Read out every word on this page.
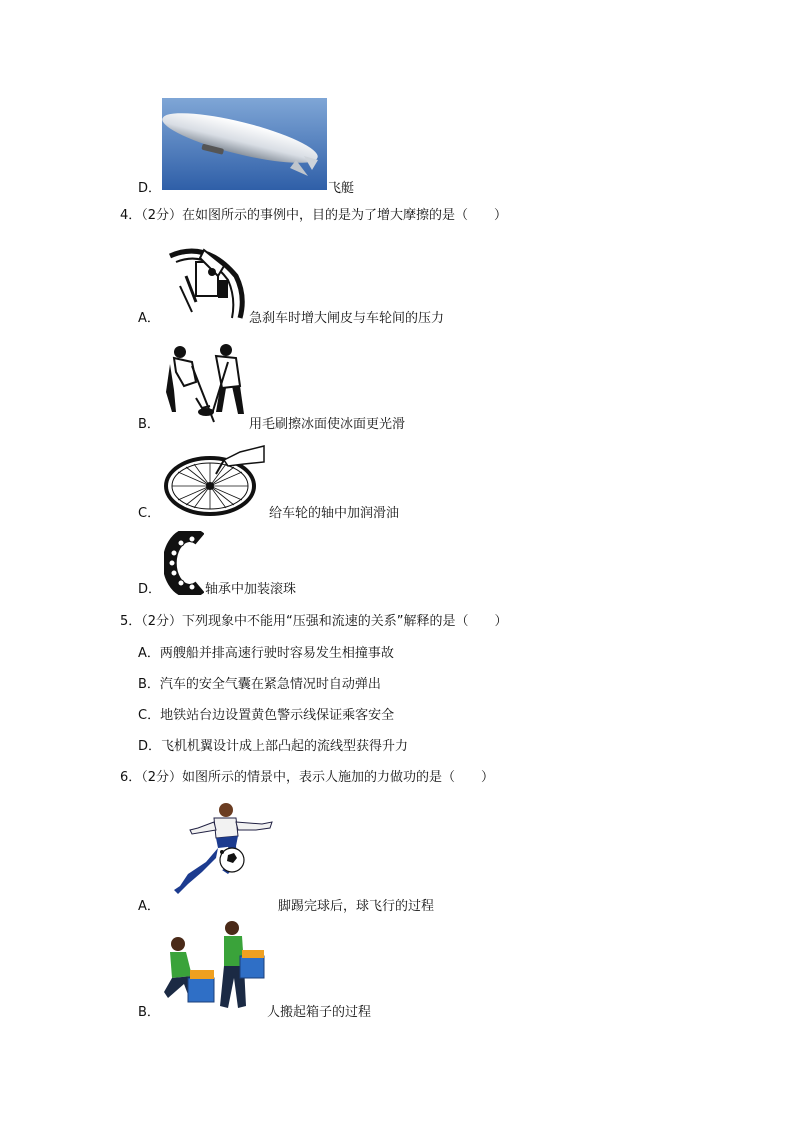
D．	飞艇
4．（2分）在如图所示的事例中，目的是为了增大摩擦的是（　　）
A．	急刹车时增大闸皮与车轮间的压力
B．	用毛刷擦冰面使冰面更光滑
C．	给车轮的轴中加润滑油
D．	轴承中加装滚珠
5．（2分）下列现象中不能用“压强和流速的关系”解释的是（　　）
A．两艘船并排高速行驶时容易发生相撞事故
B．汽车的安全气囊在紧急情况时自动弹出
C．地铁站台边设置黄色警示线保证乘客安全
D．飞机机翼设计成上部凸起的流线型获得升力
6．（2分）如图所示的情景中，表示人施加的力做功的是（　　）
A．	脚踢完球后，球飞行的过程
B．	人搬起箱子的过程
